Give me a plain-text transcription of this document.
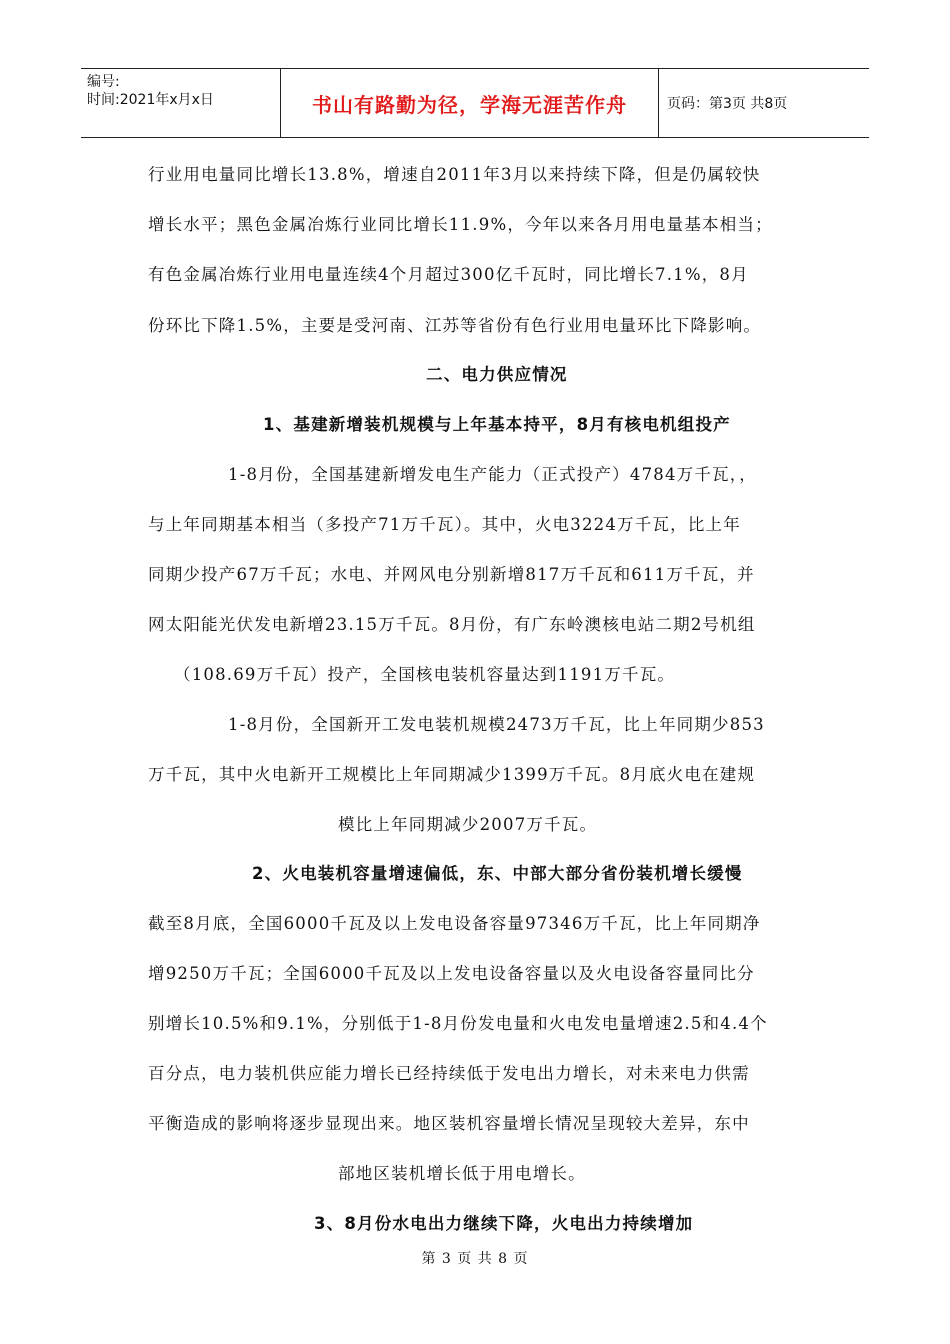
编号:
时间:2021年x月x日	书山有路勤为径，学海无涯苦作舟	页码：第3页 共8页
行业用电量同比增长13.8%，增速自2011年3月以来持续下降，但是仍属较快
增长水平；黑色金属冶炼行业同比增长11.9%，今年以来各月用电量基本相当；
有色金属冶炼行业用电量连续4个月超过300亿千瓦时，同比增长7.1%，8月
份环比下降1.5%，主要是受河南、江苏等省份有色行业用电量环比下降影响。
二、电力供应情况
1、基建新增装机规模与上年基本持平，8月有核电机组投产
1-8月份，全国基建新增发电生产能力（正式投产）4784万千瓦，，
与上年同期基本相当（多投产71万千瓦）。其中，火电3224万千瓦，比上年
同期少投产67万千瓦；水电、并网风电分别新增817万千瓦和611万千瓦，并
网太阳能光伏发电新增23.15万千瓦。8月份，有广东岭澳核电站二期2号机组
（108.69万千瓦）投产，全国核电装机容量达到1191万千瓦。
1-8月份，全国新开工发电装机规模2473万千瓦，比上年同期少853
万千瓦，其中火电新开工规模比上年同期减少1399万千瓦。8月底火电在建规
模比上年同期减少2007万千瓦。
2、火电装机容量增速偏低，东、中部大部分省份装机增长缓慢
截至8月底，全国6000千瓦及以上发电设备容量97346万千瓦，比上年同期净
增9250万千瓦；全国6000千瓦及以上发电设备容量以及火电设备容量同比分
别增长10.5%和9.1%，分别低于1-8月份发电量和火电发电量增速2.5和4.4个
百分点，电力装机供应能力增长已经持续低于发电出力增长，对未来电力供需
平衡造成的影响将逐步显现出来。地区装机容量增长情况呈现较大差异，东中
部地区装机增长低于用电增长。
3、8月份水电出力继续下降，火电出力持续增加
第 3 页 共 8 页
